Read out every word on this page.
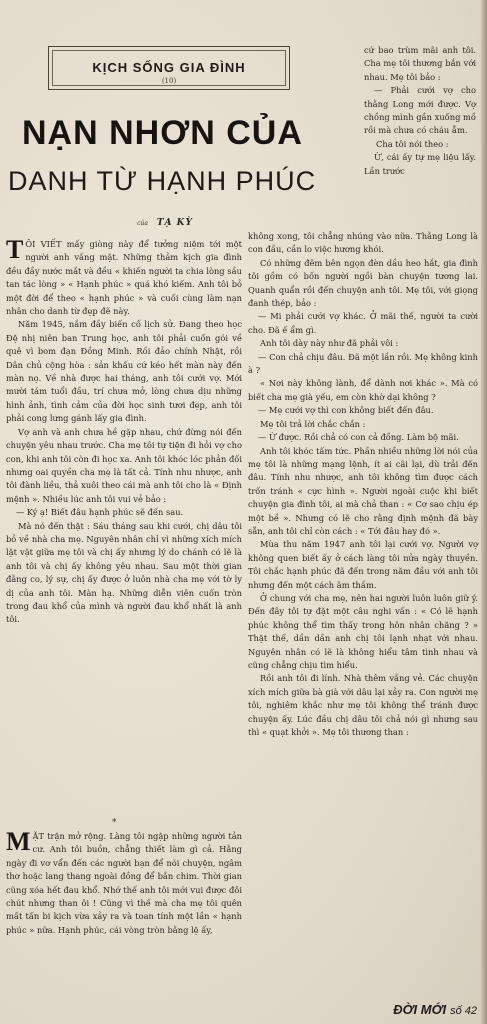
KỊCH SỐNG GIA ĐÌNH
(10)
NẠN NHƠN CỦA
DANH TỪ HẠNH PHÚC
của TẠ KỲ

cứ bao trùm mãi anh tôi. Cha mẹ tôi thương bắn với nhau. Mẹ tôi bảo :

— Phải cưới vợ cho thằng Long mới được. Vợ chồng mình gần xuống mồ rồi mà chưa có cháu ẫm.

Cha tôi nói theo :

Ừ, cái ấy tự mẹ liệu lấy. Lần trước

TÔI VIẾT mấy giòng này để tưởng niệm tới một người anh vắng mặt. Những thảm kịch gia đình đều đầy nước mắt và đều « khiến người ta chia lòng sầu tan tác lòng » « Hạnh phúc » quá khó kiếm. Anh tôi bỏ một đời để theo « hạnh phúc » và cuối cùng làm nạn nhân cho danh từ đẹp đẽ này.

Năm 1945, nắm đầy biến cố lịch sử. Đang theo học Đệ nhị niên ban Trung học, anh tôi phải cuốn gói về quê vì bom đạn Đồng Minh. Rồi đảo chính Nhật, rồi Dân chủ cộng hòa : sản khấu cứ kéo hết màn này đến màn nọ. Về nhà được hai tháng, anh tôi cưới vợ. Mới mười tám tuổi đầu, trí chưa mở, lòng chưa dịu những hình ảnh, tình cảm của đời học sinh tươi đẹp, anh tôi phải cong lưng gánh lấy gia đình.

Vợ anh và anh chưa hề gặp nhau, chứ đừng nói đến chuyện yêu nhau trước. Cha mẹ tôi tự tiện đi hỏi vợ cho con, khi anh tôi còn đi học xa. Anh tôi khóc lóc phản đối nhưng oai quyền cha mẹ là tất cả. Tính nhu nhược, anh tôi đành liều, thả xuôi theo cái mà anh tôi cho là « Định mệnh ». Nhiều lúc anh tôi vui vẻ bảo :

— Ký ạ! Biết đâu hạnh phúc sẽ đến sau.

Mà nó đến thật : Sáu tháng sau khi cưới, chị dâu tôi bỏ về nhà cha mẹ. Nguyên nhân chỉ vì những xích mích lặt vặt giữa mẹ tôi và chị ấy nhưng lý do chánh có lẽ là anh tôi và chị ấy không yêu nhau. Sau một thời gian đằng co, lý sự, chị ấy được ở luôn nhà cha mẹ với tờ ly dị của anh tôi. Màn hạ. Những diễn viên cuốn tròn trong đau khổ của mình và người đau khổ nhất là anh tôi.

*

MẶT trận mở rộng. Làng tôi ngập những người tản cư. Anh tôi buồn, chẳng thiết làm gì cả. Hằng ngày đi vơ vẩn đến các người bạn để nói chuyện, ngâm thơ hoặc lang thang ngoài đồng để bắn chim. Thời gian cũng xóa hết đau khổ. Nhớ thế anh tôi mới vui được đôi chút nhưng than ôi ! Cũng vì thế mà cha mẹ tôi quên mất tấn bi kịch vừa xảy ra và toan tính một lần « hạnh phúc » nữa. Hạnh phúc, cái vòng tròn bằng lệ ấy,

không xong, tôi chẳng nhúng vào nữa. Thằng Long là con đầu, cần lo việc hương khói.

Có những đêm bên ngọn đèn dầu heo hắt, gia đình tôi gồm có bốn người ngồi bàn chuyện tương lai. Quanh quẩn rồi đến chuyện anh tôi. Mẹ tôi, với giọng đanh thép, bảo :

— Mi phải cưới vợ khác. Ở mãi thế, người ta cười cho. Đã ế ẩm gì.

Anh tôi dày này như đã phải vôi :

— Con chả chịu đâu. Đã một lần rồi. Mẹ không kinh à ?

« Nơi này không lành, để dành nơi khác ». Mà có biết cha mẹ già yếu, em còn khờ dại không ?

— Mẹ cưới vợ thì con không biết đến đâu.

Mẹ tôi trả lời chắc chắn :

— Ừ được. Rồi chả có con cả đồng. Làm bộ mãi.

Anh tôi khóc tấm tức. Phần nhiều những lời nói của mẹ tôi là những mạng lệnh, ít ai cãi lại, dù trải đến đâu. Tính nhu nhược, anh tôi không tìm được cách trốn tránh « cực hình ». Người ngoài cuộc khi biết chuyện gia đình tôi, ai mà chả than : « Cơ sao chịu ép một bề ». Nhưng có lẽ cho rằng định mệnh đã bày sẵn, anh tôi chỉ còn cách : « Tới đâu hay đó ».

Mùa thu năm 1947 anh tôi lại cưới vợ. Người vợ không quen biết ấy ở cách làng tôi nửa ngày thuyền. Tôi chắc hạnh phúc đã đến trong năm đầu với anh tôi nhưng đến một cách âm thầm.

Ở chung với cha mẹ, nên hai người luôn luôn giữ ý. Đến đây tôi tự đặt một câu nghi vấn : « Có lẽ hạnh phúc không thể tìm thấy trong hôn nhân chăng ? » Thật thế, dần dần anh chị tôi lạnh nhạt với nhau. Nguyên nhân có lẽ là không hiểu tâm tình nhau và cũng chẳng chịu tìm hiểu.

Rồi anh tôi đi lính. Nhà thêm vắng vẻ. Các chuyện xích mích giữa bà già với dâu lại xảy ra. Con người mẹ tôi, nghiêm khắc như mẹ tôi không thể tránh được chuyện ấy. Lúc đầu chị dâu tôi chả nói gì nhưng sau thì « quạt khởi ». Mẹ tôi thương than :

ĐỜI MỚI số 42
